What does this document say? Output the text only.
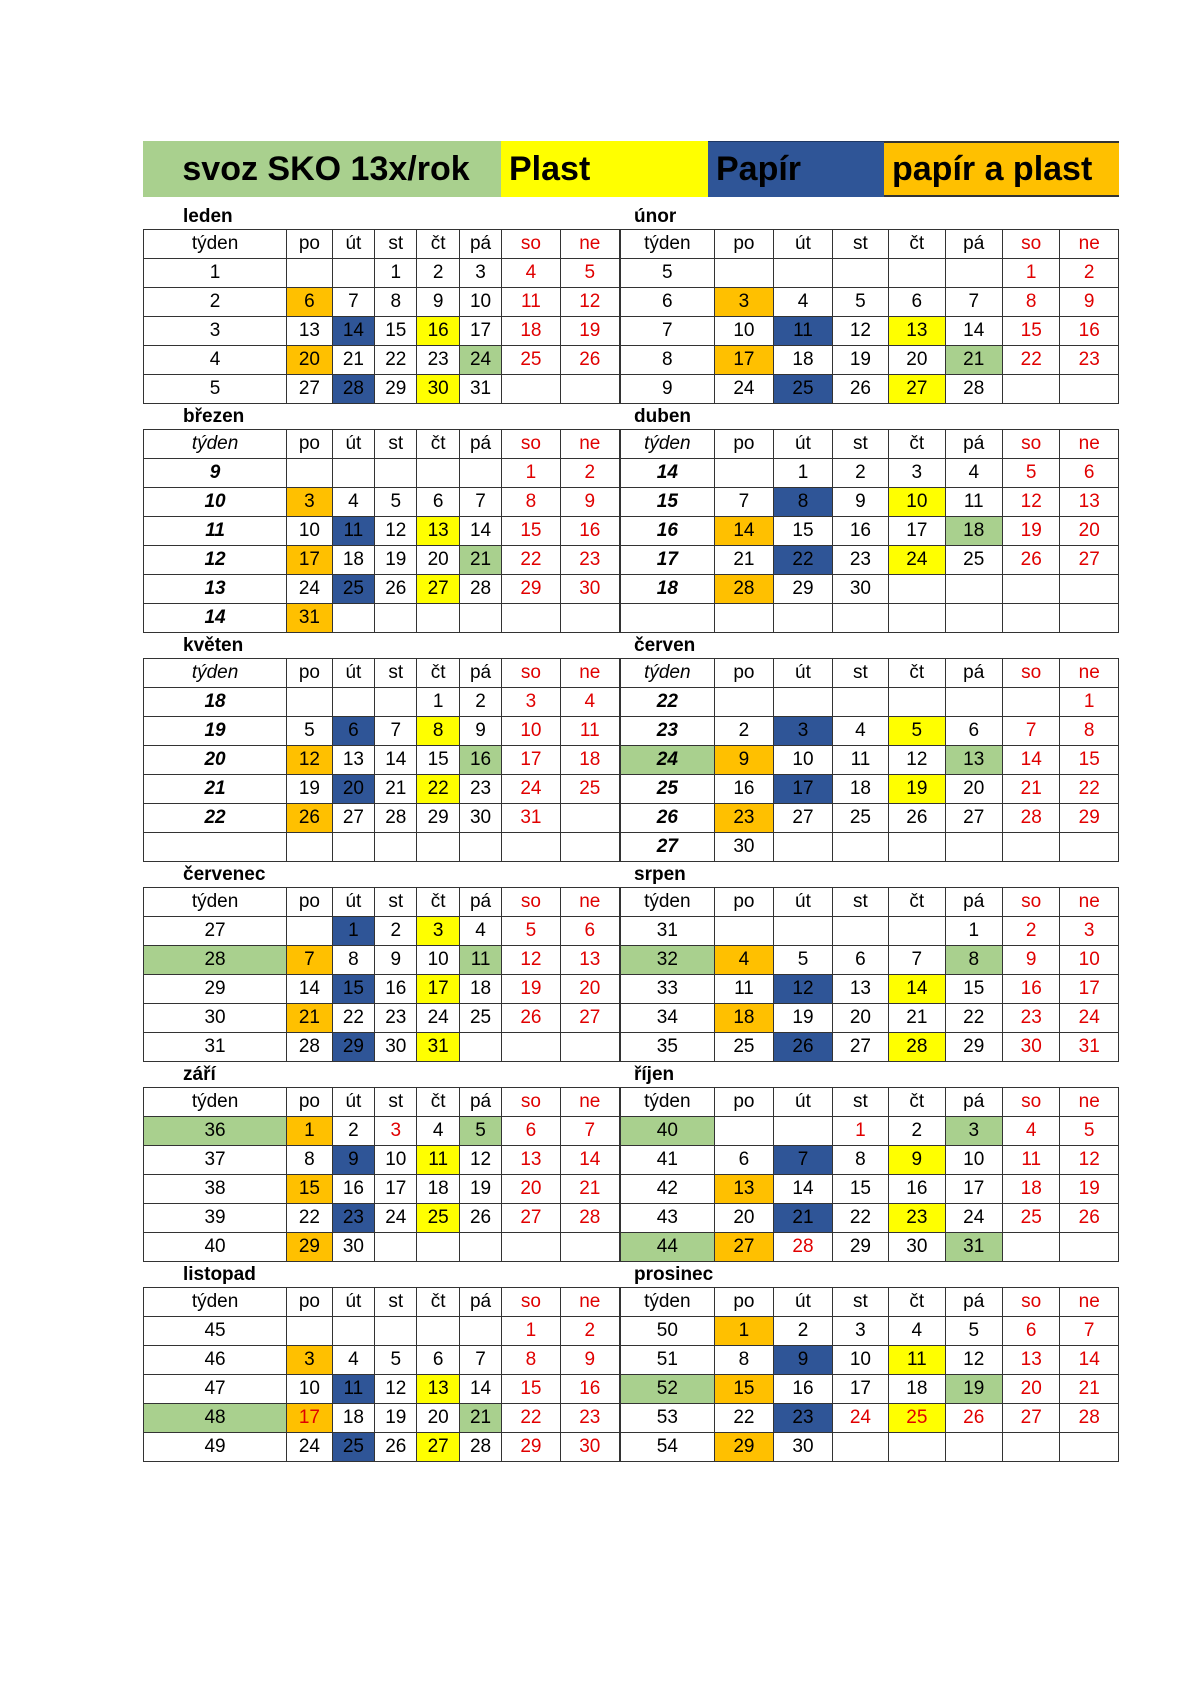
svoz SKO 13x/rok Plast	Papír	papír a plast
leden
týden	po	út	st	čt	pá	so	ne
1			1	2	3	4	5
2	6	7	8	9	10	11	12
3	13	14	15	16	17	18	19
4	20	21	22	23	24	25	26
5	27	28	29	30	31		
únor
týden	po	út	st	čt	pá	so	ne
5						1	2
6	3	4	5	6	7	8	9
7	10	11	12	13	14	15	16
8	17	18	19	20	21	22	23
9	24	25	26	27	28		
březen
týden	po	út	st	čt	pá	so	ne
9						1	2
10	3	4	5	6	7	8	9
11	10	11	12	13	14	15	16
12	17	18	19	20	21	22	23
13	24	25	26	27	28	29	30
14	31						
duben
týden	po	út	st	čt	pá	so	ne
14		1	2	3	4	5	6
15	7	8	9	10	11	12	13
16	14	15	16	17	18	19	20
17	21	22	23	24	25	26	27
18	28	29	30				

květen
týden	po	út	st	čt	pá	so	ne
18				1	2	3	4
19	5	6	7	8	9	10	11
20	12	13	14	15	16	17	18
21	19	20	21	22	23	24	25
22	26	27	28	29	30	31	

červen
týden	po	út	st	čt	pá	so	ne
22							1
23	2	3	4	5	6	7	8
24	9	10	11	12	13	14	15
25	16	17	18	19	20	21	22
26	23	27	25	26	27	28	29
27	30						
červenec
týden	po	út	st	čt	pá	so	ne
27		1	2	3	4	5	6
28	7	8	9	10	11	12	13
29	14	15	16	17	18	19	20
30	21	22	23	24	25	26	27
31	28	29	30	31			
srpen
týden	po	út	st	čt	pá	so	ne
31					1	2	3
32	4	5	6	7	8	9	10
33	11	12	13	14	15	16	17
34	18	19	20	21	22	23	24
35	25	26	27	28	29	30	31
září
týden	po	út	st	čt	pá	so	ne
36	1	2	3	4	5	6	7
37	8	9	10	11	12	13	14
38	15	16	17	18	19	20	21
39	22	23	24	25	26	27	28
40	29	30					
říjen
týden	po	út	st	čt	pá	so	ne
40			1	2	3	4	5
41	6	7	8	9	10	11	12
42	13	14	15	16	17	18	19
43	20	21	22	23	24	25	26
44	27	28	29	30	31		
listopad
týden	po	út	st	čt	pá	so	ne
45						1	2
46	3	4	5	6	7	8	9
47	10	11	12	13	14	15	16
48	17	18	19	20	21	22	23
49	24	25	26	27	28	29	30
prosinec
týden	po	út	st	čt	pá	so	ne
50	1	2	3	4	5	6	7
51	8	9	10	11	12	13	14
52	15	16	17	18	19	20	21
53	22	23	24	25	26	27	28
54	29	30					
